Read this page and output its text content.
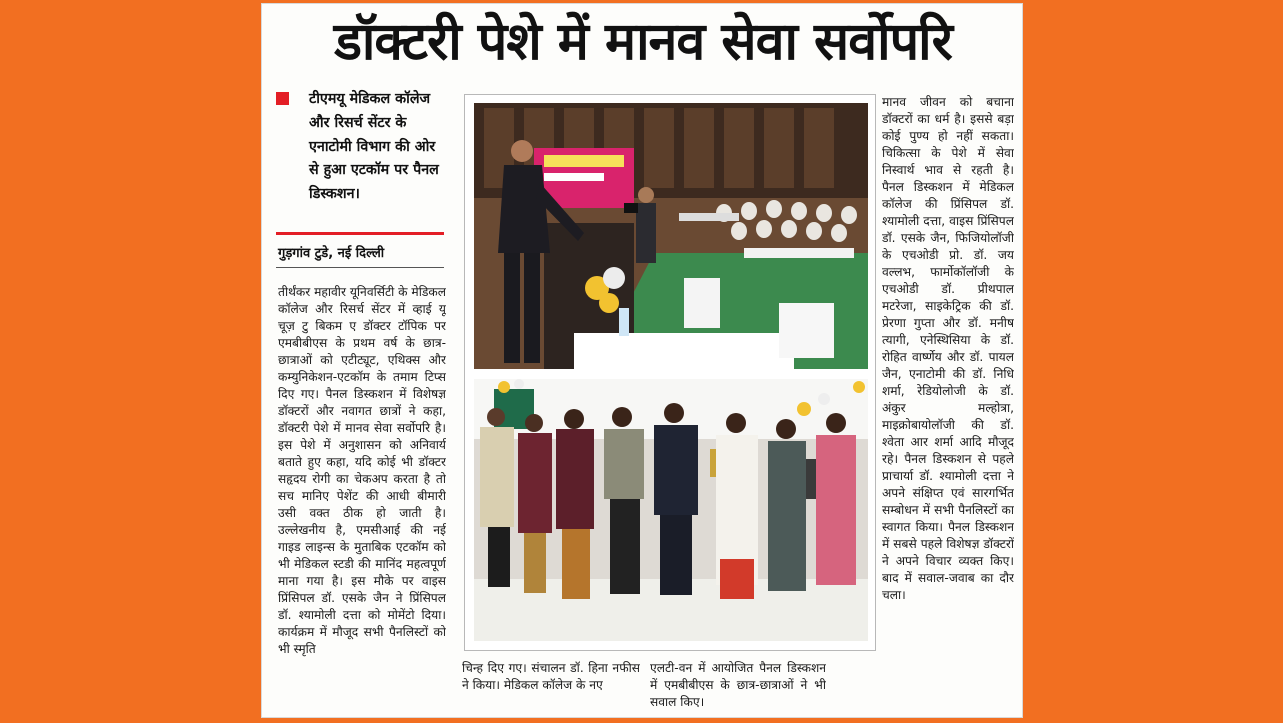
डॉक्टरी पेशे में मानव सेवा सर्वोपरि
टीएमयू मेडिकल कॉलेज और रिसर्च सेंटर के एनाटोमी विभाग की ओर से हुआ एटकॉम पर पैनल डिस्कशन।
गुड़गांव टुडे, नई दिल्ली
तीर्थंकर महावीर यूनिवर्सिटी के मेडिकल कॉलेज और रिसर्च सेंटर में व्हाई यू चूज़ टु बिकम ए डॉक्टर टॉपिक पर एमबीबीएस के प्रथम वर्ष के छात्र-छात्राओं को एटीट्यूट, एथिक्स और कम्युनिकेशन-एटकॉम के तमाम टिप्स दिए गए। पैनल डिस्कशन में विशेषज्ञ डॉक्टरों और नवागत छात्रों ने कहा, डॉक्टरी पेशे में मानव सेवा सर्वोपरि है। इस पेशे में अनुशासन को अनिवार्य बताते हुए कहा, यदि कोई भी डॉक्टर सहृदय रोगी का चेकअप करता है तो सच मानिए पेशेंट की आधी बीमारी उसी वक्त ठीक हो जाती है। उल्लेखनीय है, एमसीआई की नई गाइड लाइन्स के मुताबिक एटकॉम को भी मेडिकल स्टडी की मानिंद महत्वपूर्ण माना गया है। इस मौके पर वाइस प्रिंसिपल डॉ. एसके जैन ने प्रिंसिपल डॉ. श्यामोली दत्ता को मोमेंटो दिया। कार्यक्रम में मौजूद सभी पैनलिस्टों को भी स्मृति
मानव जीवन को बचाना डॉक्टरों का धर्म है। इससे बड़ा कोई पुण्य हो नहीं सकता। चिकित्सा के पेशे में सेवा निस्वार्थ भाव से रहती है। पैनल डिस्कशन में मेडिकल कॉलेज की प्रिंसिपल डॉ. श्यामोली दत्ता, वाइस प्रिंसिपल डॉ. एसके जैन, फिजियोलॉजी के एचओडी प्रो. डॉ. जय वल्लभ, फार्मोकॉलॉजी के एचओडी डॉ. प्रीथपाल मटरेजा, साइकेट्रिक की डॉ. प्रेरणा गुप्ता और डॉ. मनीष त्यागी, एनेस्थिसिया के डॉ. रोहित वार्ष्णेय और डॉ. पायल जैन, एनाटोमी की डॉ. निधि शर्मा, रेडियोलोजी के डॉ. अंकुर मल्होत्रा, माइक्रोबायोलॉजी की डॉ. श्वेता आर शर्मा आदि मौजूद रहे। पैनल डिस्कशन से पहले प्राचार्या डॉ. श्यामोली दत्ता ने अपने संक्षिप्त एवं सारगर्भित सम्बोधन में सभी पैनलिस्टों का स्वागत किया। पैनल डिस्कशन में सबसे पहले विशेषज्ञ डॉक्टरों ने अपने विचार व्यक्त किए। बाद में सवाल-जवाब का दौर चला।
चिन्ह दिए गए। संचालन डॉ. हिना नफीस ने किया। मेडिकल कॉलेज के नए
एलटी-वन में आयोजित पैनल डिस्कशन में एमबीबीएस के छात्र-छात्राओं ने भी सवाल किए।
